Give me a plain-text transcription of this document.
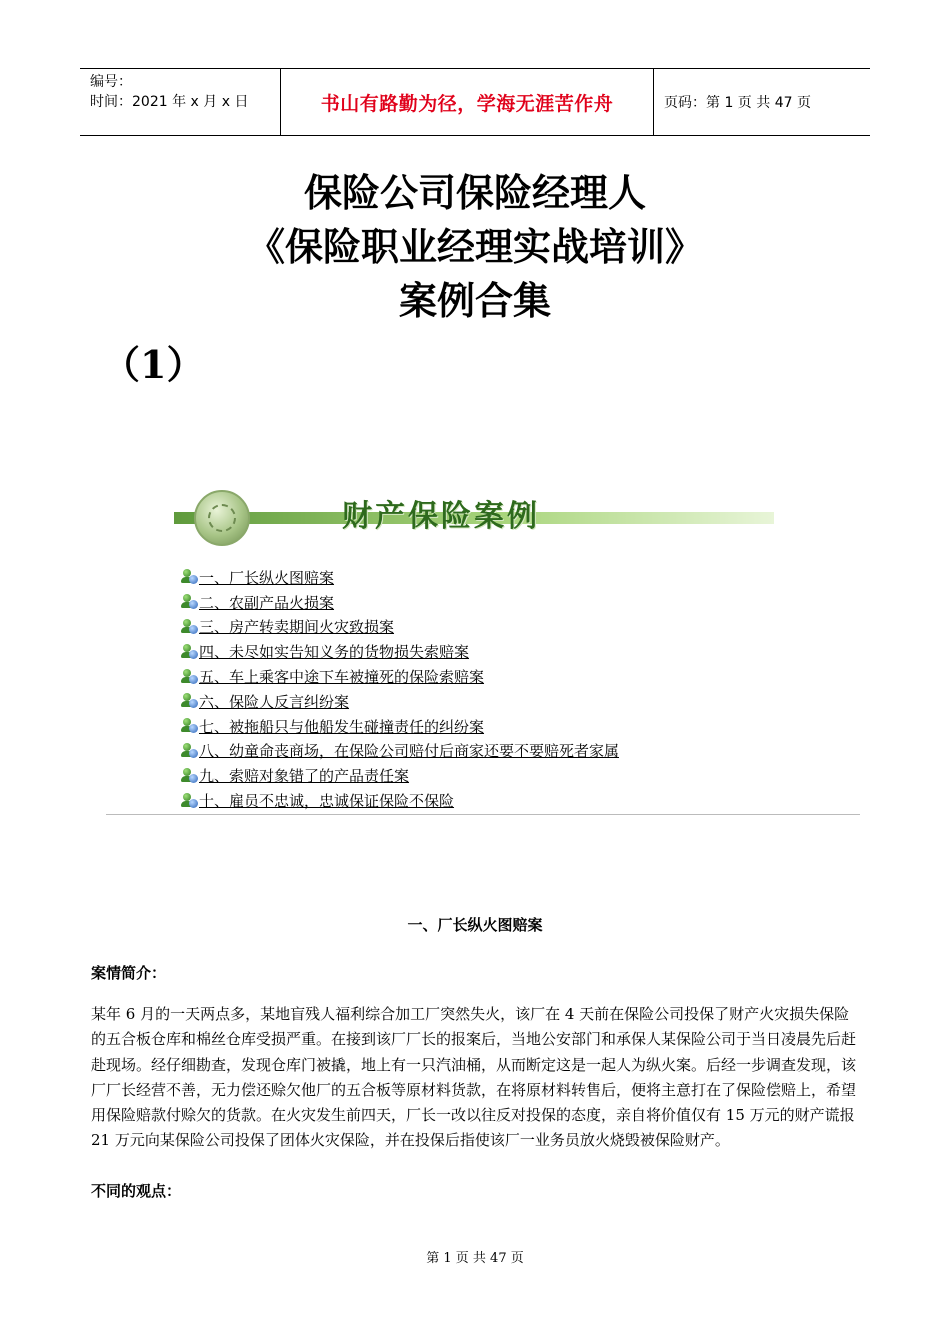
编号：
时间：2021 年 x 月 x 日	书山有路勤为径，学海无涯苦作舟	页码：第 1 页 共 47 页
保险公司保险经理人
《保险职业经理实战培训》
案例合集
（1）
财产保险案例
一、厂长纵火图赔案
二、农副产品火损案
三、房产转卖期间火灾致损案
四、未尽如实告知义务的货物损失索赔案
五、车上乘客中途下车被撞死的保险索赔案
六、保险人反言纠纷案
七、被拖船只与他船发生碰撞责任的纠纷案
八、幼童命丧商场，在保险公司赔付后商家还要不要赔死者家属
九、索赔对象错了的产品责任案
十、雇员不忠诚，忠诚保证保险不保险
一、厂长纵火图赔案
案情简介：
某年 6 月的一天两点多，某地盲残人福利综合加工厂突然失火，该厂在 4 天前在保险公司投保了财产火灾损失保险的五合板仓库和棉丝仓库受损严重。在接到该厂厂长的报案后，当地公安部门和承保人某保险公司于当日凌晨先后赶赴现场。经仔细勘查，发现仓库门被撬，地上有一只汽油桶，从而断定这是一起人为纵火案。后经一步调查发现，该厂厂长经营不善，无力偿还赊欠他厂的五合板等原材料货款，在将原材料转售后，便将主意打在了保险偿赔上，希望用保险赔款付赊欠的货款。在火灾发生前四天，厂长一改以往反对投保的态度，亲自将价值仅有 15 万元的财产谎报 21 万元向某保险公司投保了团体火灾保险，并在投保后指使该厂一业务员放火烧毁被保险财产。
不同的观点：
第 1 页 共 47 页
